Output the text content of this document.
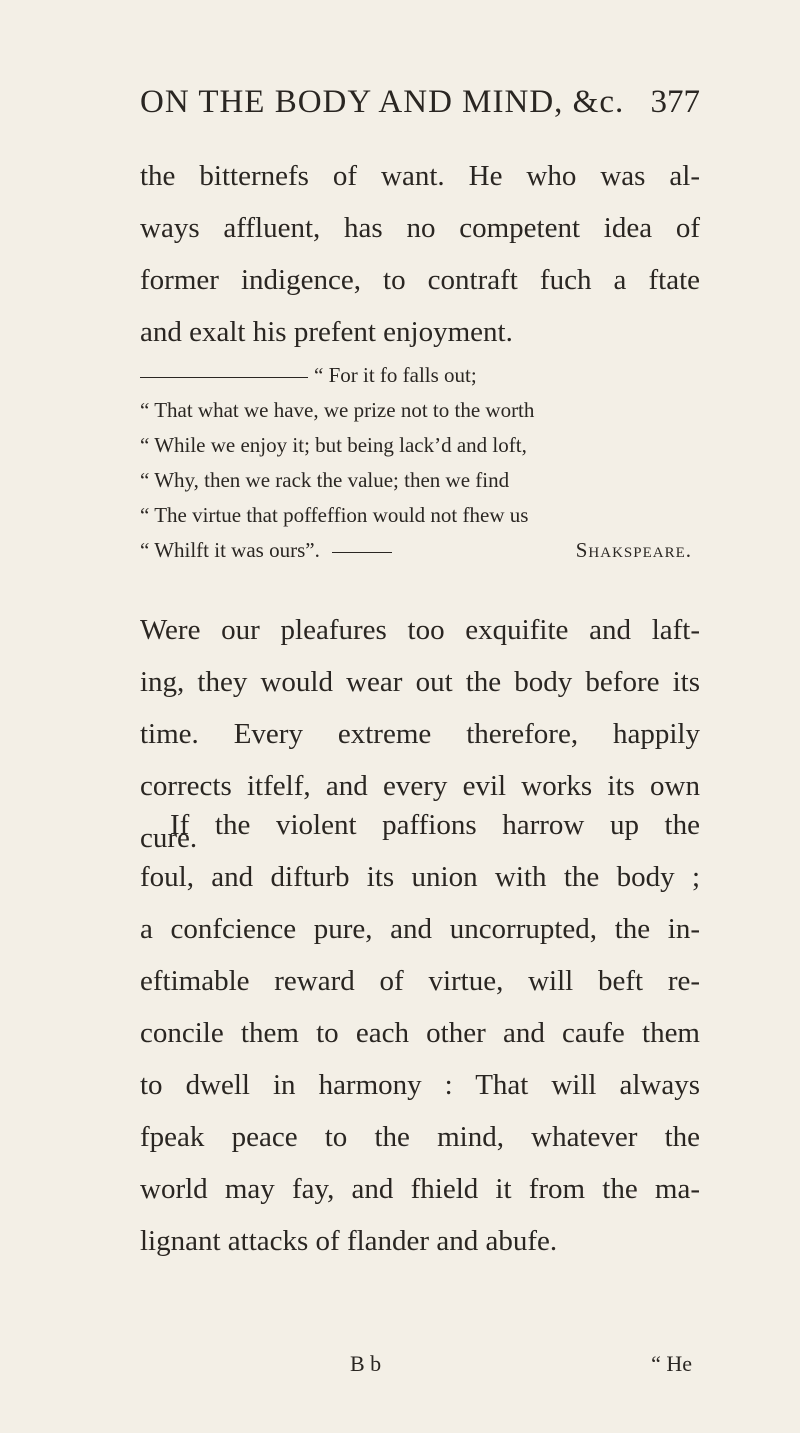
ON THE BODY AND MIND, &c. 377
the bitternefs of want. He who was al-
ways affluent, has no competent idea of
former indigence, to contraft fuch a ftate
and exalt his prefent enjoyment.
“ For it fo falls out;
“ That what we have, we prize not to the worth
“ While we enjoy it; but being lack’d and loft,
“ Why, then we rack the value; then we find
“ The virtue that poffeffion would not fhew us
“ Whilft it was ours”.	Shakspeare.
Were our pleafures too exquifite and laft-
ing, they would wear out the body before its
time. Every extreme therefore, happily
corrects itfelf, and every evil works its own
cure.
If the violent paffions harrow up the
foul, and difturb its union with the body ;
a confcience pure, and uncorrupted, the in-
eftimable reward of virtue, will beft re-
concile them to each other and caufe them
to dwell in harmony : That will always
fpeak peace to the mind, whatever the
world may fay, and fhield it from the ma-
lignant attacks of flander and abufe.
B b	“ He
